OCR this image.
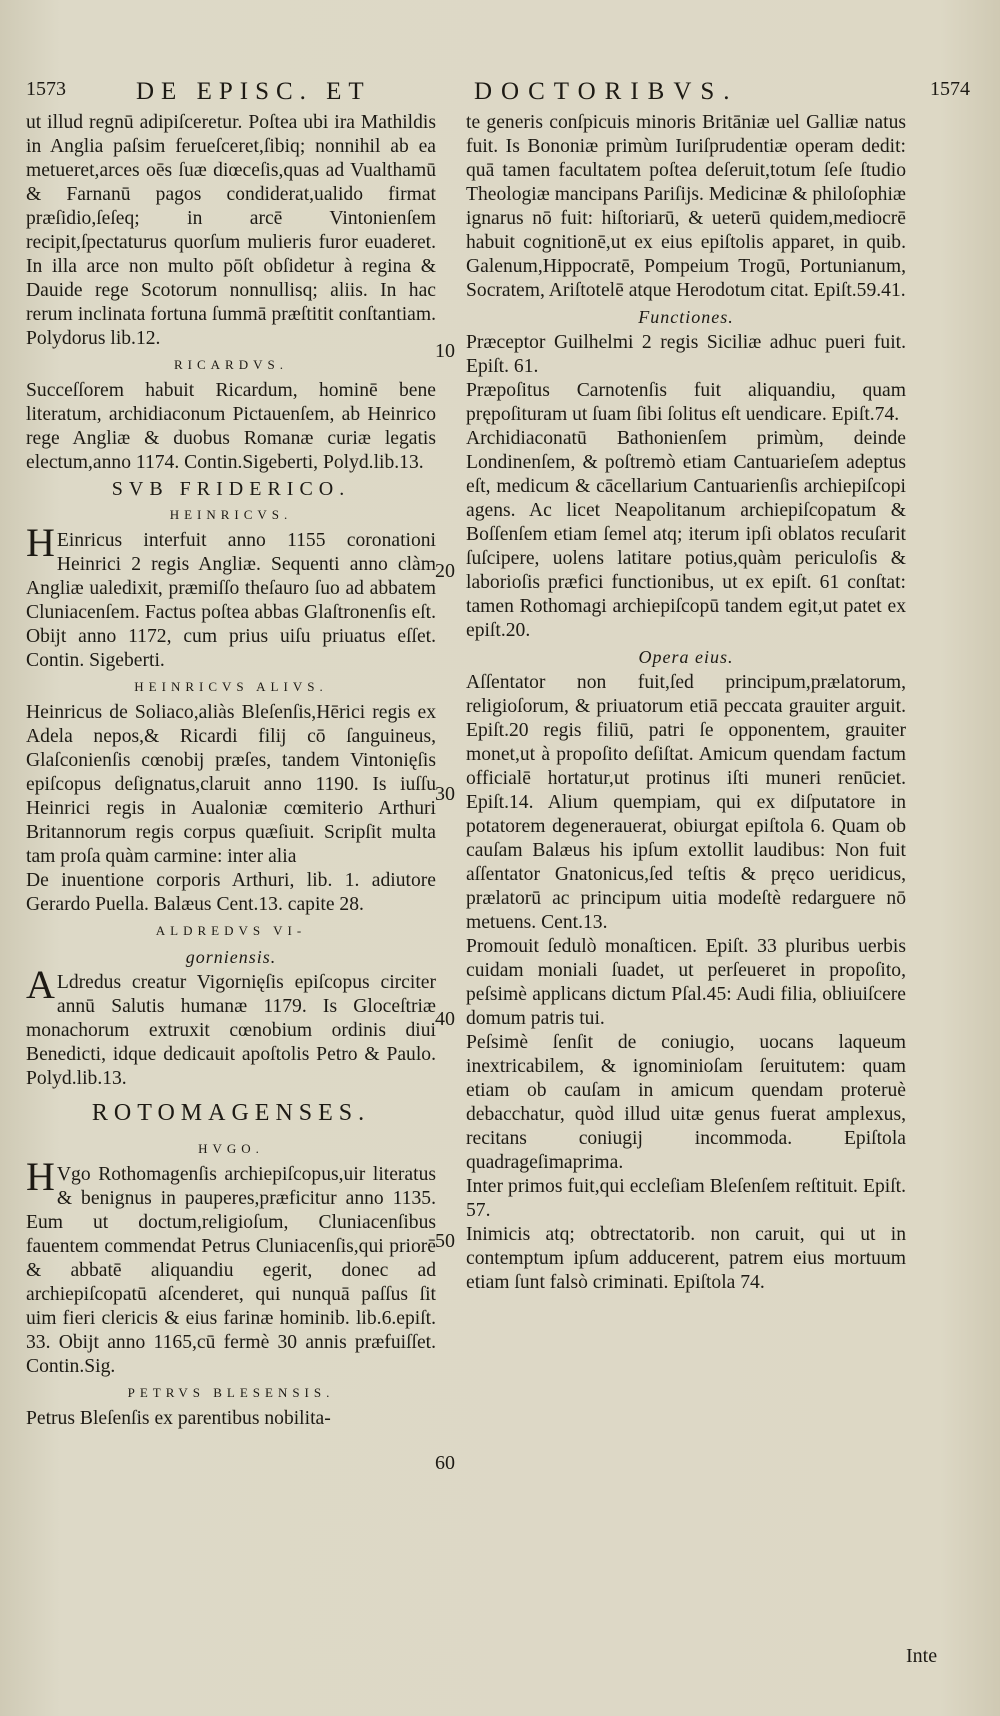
1573	DE EPISC. ET	DOCTORIBVS.	1574

ut illud regnū adipiſceretur. Poſtea ubi ira Mathildis in Anglia paſsim ferueſceret,ſibiq; nonnihil ab ea metueret,arces oēs ſuæ diœceſis,quas ad Vualthamū & Farnanū pagos condiderat,ualido firmat præſidio,ſeſeq; in arcē Vintonienſem recipit,ſpectaturus quorſum mulieris furor euaderet. In illa arce non multo pōſt obſidetur à regina & Dauide rege Scotorum nonnullisq; aliis. In hac rerum inclinata fortuna ſummā præſtitit conſtantiam. Polydorus lib.12.

RICARDVS.

Succeſſorem habuit Ricardum, hominē bene literatum, archidiaconum Pictauenſem, ab Heinrico rege Angliæ & duobus Romanæ curiæ legatis electum,anno 1174. Contin.Sigeberti, Polyd.lib.13.

SVB FRIDERICO.
HEINRICVS.

H Einricus interfuit anno 1155 coronationi Heinrici 2 regis Angliæ. Sequenti anno clàm Angliæ ualedixit, præmiſſo theſauro ſuo ad abbatem Cluniacenſem. Factus poſtea abbas Glaſtronenſis eſt. Obijt anno 1172, cum prius uiſu priuatus eſſet. Contin. Sigeberti.

HEINRICVS ALIVS.

Heinricus de Soliaco,aliàs Bleſenſis,Hērici regis ex Adela nepos,& Ricardi filij cō ſanguineus, Glaſconienſis cœnobij præſes, tandem Vintonięſis epiſcopus deſignatus,claruit anno 1190. Is iuſſu Heinrici regis in Aualoniæ cœmiterio Arthuri Britannorum regis corpus quæſiuit. Scripſit multa tam proſa quàm carmine: inter alia

De inuentione corporis Arthuri, lib. 1. adiutore Gerardo Puella. Balæus Cent.13. capite 28.

ALDREDVS VI-
gorniensis.

A Ldredus creatur Vigornięſis epiſcopus circiter annū Salutis humanæ 1179. Is Gloceſtriæ monachorum extruxit cœnobium ordinis diui Benedicti, idque dedicauit apoſtolis Petro & Paulo. Polyd.lib.13.

ROTOMAGENSES.
HVGO.

H Vgo Rothomagenſis archiepiſcopus,uir literatus & benignus in pauperes,præficitur anno 1135. Eum ut doctum,religioſum, Cluniacenſibus fauentem commendat Petrus Cluniacenſis,qui priorē & abbatē aliquandiu egerit, donec ad archiepiſcopatū aſcenderet, qui nunquā paſſus ſit uim fieri clericis & eius farinæ hominib. lib.6.epiſt. 33. Obijt anno 1165,cū fermè 30 annis præfuiſſet. Contin.Sig.

PETRVS BLESENSIS.

Petrus Bleſenſis ex parentibus nobilita-

10
20
30
40
50
60

te generis conſpicuis minoris Britāniæ uel Galliæ natus fuit. Is Bononiæ primùm Iuriſprudentiæ operam dedit: quā tamen facultatem poſtea deſeruit,totum ſeſe ſtudio Theologiæ mancipans Pariſijs. Medicinæ & philoſophiæ ignarus nō fuit: hiſtoriarū, & ueterū quidem,mediocrē habuit cognitionē,ut ex eius epiſtolis apparet, in quib. Galenum,Hippocratē, Pompeium Trogū, Portunianum, Socratem, Ariſtotelē atque Herodotum citat. Epiſt.59.41.

Functiones.

Præceptor Guilhelmi 2 regis Siciliæ adhuc pueri fuit. Epiſt. 61.

Præpoſitus Carnotenſis fuit aliquandiu, quam prępoſituram ut ſuam ſibi ſolitus eſt uendicare. Epiſt.74.

Archidiaconatū Bathonienſem primùm, deinde Londinenſem, & poſtremò etiam Cantuarieſem adeptus eſt, medicum & cācellarium Cantuarienſis archiepiſcopi agens. Ac licet Neapolitanum archiepiſcopatum & Boſſenſem etiam ſemel atq; iterum ipſi oblatos recuſarit ſuſcipere, uolens latitare potius,quàm periculoſis & laborioſis præfici functionibus, ut ex epiſt. 61 conſtat: tamen Rothomagi archiepiſcopū tandem egit,ut patet ex epiſt.20.

Opera eius.

Aſſentator non fuit,ſed principum,prælatorum, religioſorum, & priuatorum etiā peccata grauiter arguit. Epiſt.20 regis filiū, patri ſe opponentem, grauiter monet,ut à propoſito deſiſtat. Amicum quendam factum officialē hortatur,ut protinus iſti muneri renūciet. Epiſt.14. Alium quempiam, qui ex diſputatore in potatorem degenerauerat, obiurgat epiſtola 6. Quam ob cauſam Balæus his ipſum extollit laudibus: Non fuit aſſentator Gnatonicus,ſed teſtis & pręco ueridicus, prælatorū ac principum uitia modeſtè redarguere nō metuens. Cent.13.

Promouit ſedulò monaſticen. Epiſt. 33 pluribus uerbis cuidam moniali ſuadet, ut perſeueret in propoſito, peſsimè applicans dictum Pſal.45: Audi filia, obliuiſcere domum patris tui.

Peſsimè ſenſit de coniugio, uocans laqueum inextricabilem, & ignominioſam ſeruitutem: quam etiam ob cauſam in amicum quendam proteruè debacchatur, quòd illud uitæ genus fuerat amplexus, recitans coniugij incommoda. Epiſtola quadrageſimaprima.

Inter primos fuit,qui eccleſiam Bleſenſem reſtituit. Epiſt. 57.

Inimicis atq; obtrectatorib. non caruit, qui ut in contemptum ipſum adducerent, patrem eius mortuum etiam ſunt falsò criminati. Epiſtola 74.

Inte
